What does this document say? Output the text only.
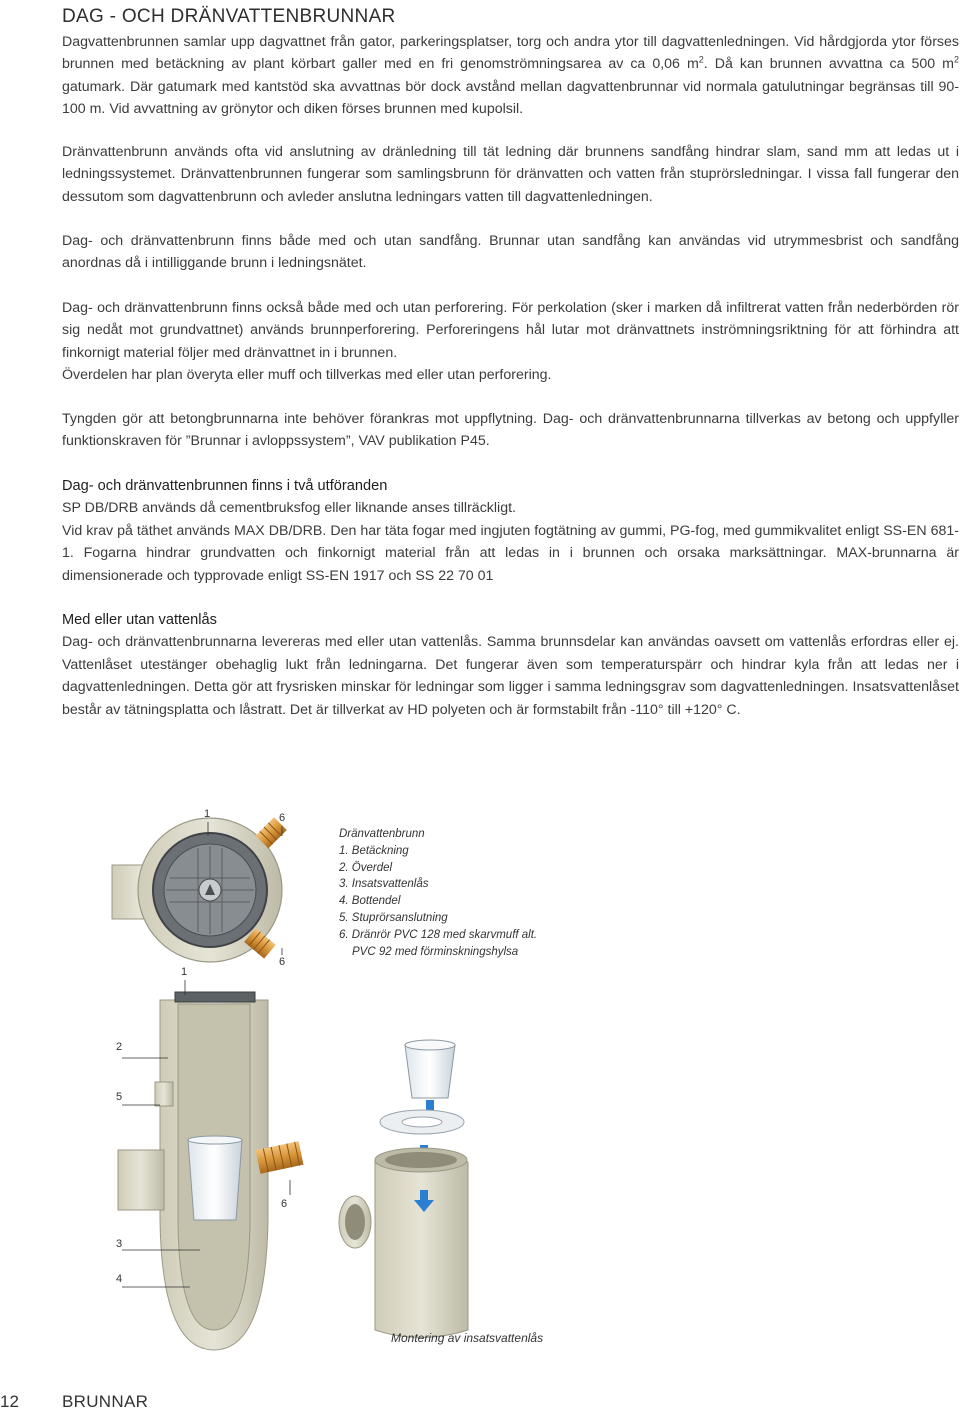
DAG - OCH DRÄNVATTENBRUNNAR

Dagvattenbrunnen samlar upp dagvattnet från gator, parkeringsplatser, torg och andra ytor till dagvattenledningen. Vid hårdgjorda ytor förses brunnen med betäckning av plant körbart galler med en fri genomströmningsarea av ca 0,06 $m^2$. Då kan brunnen avvattna ca 500 $m^2$ gatumark. Där gatumark med kantstöd ska avvattnas bör dock avstånd mellan dagvattenbrunnar vid normala gatulutningar begränsas till 90-100 m. Vid avvattning av grönytor och diken förses brunnen med kupolsil.

Dränvattenbrunn används ofta vid anslutning av dränledning till tät ledning där brunnens sandfång hindrar slam, sand mm att ledas ut i ledningssystemet. Dränvattenbrunnen fungerar som samlingsbrunn för dränvatten och vatten från stuprörsledningar. I vissa fall fungerar den dessutom som dagvattenbrunn och avleder anslutna ledningars vatten till dagvattenledningen.

Dag- och dränvattenbrunn finns både med och utan sandfång. Brunnar utan sandfång kan användas vid utrymmesbrist och sandfång anordnas då i intilliggande brunn i ledningsnätet.

Dag- och dränvattenbrunn finns också både med och utan perforering. För perkolation (sker i marken då infiltrerat vatten från nederbörden rör sig nedåt mot grundvattnet) används brunnperforering. Perforeringens hål lutar mot dränvattnets inströmningsriktning för att förhindra att finkornigt material följer med dränvattnet in i brunnen.

Överdelen har plan överyta eller muff och tillverkas med eller utan perforering.

Tyngden gör att betongbrunnarna inte behöver förankras mot uppflytning. Dag- och dränvattenbrunnarna tillverkas av betong och uppfyller funktionskraven för ”Brunnar i avloppssystem”, VAV publikation P45.

Dag- och dränvattenbrunnen finns i två utföranden

SP DB/DRB används då cementbruksfog eller liknande anses tillräckligt.

Vid krav på täthet används MAX DB/DRB. Den har täta fogar med ingjuten fogtätning av gummi, PG-fog, med gummikvalitet enligt SS-EN 681-1. Fogarna hindrar grundvatten och finkornigt material från att ledas in i brunnen och orsaka marksättningar. MAX-brunnarna är dimensionerade och typprovade enligt SS-EN 1917 och SS 22 70 01

Med eller utan vattenlås

Dag- och dränvattenbrunnarna levereras med eller utan vattenlås. Samma brunnsdelar kan användas oavsett om vattenlås erfordras eller ej. Vattenlåset utestänger obehaglig lukt från ledningarna. Det fungerar även som temperaturspärr och hindrar kyla från att ledas ner i dagvattenledningen. Detta gör att frysrisken minskar för ledningar som ligger i samma ledningsgrav som dagvattenledningen. Insatsvattenlåset består av tätningsplatta och låstratt. Det är tillverkat av HD polyeten och är formstabilt från -110° till +120° C.

1	6
6
1
2
5
6
3
4
Dränvattenbrunn
1. Betäckning
2. Överdel
3. Insatsvattenlås
4. Bottendel
5. Stuprörsanslutning
6. Dränrör PVC 128 med skarvmuff alt.
PVC 92 med förminskningshylsa
Montering av insatsvattenlås
12	BRUNNAR
